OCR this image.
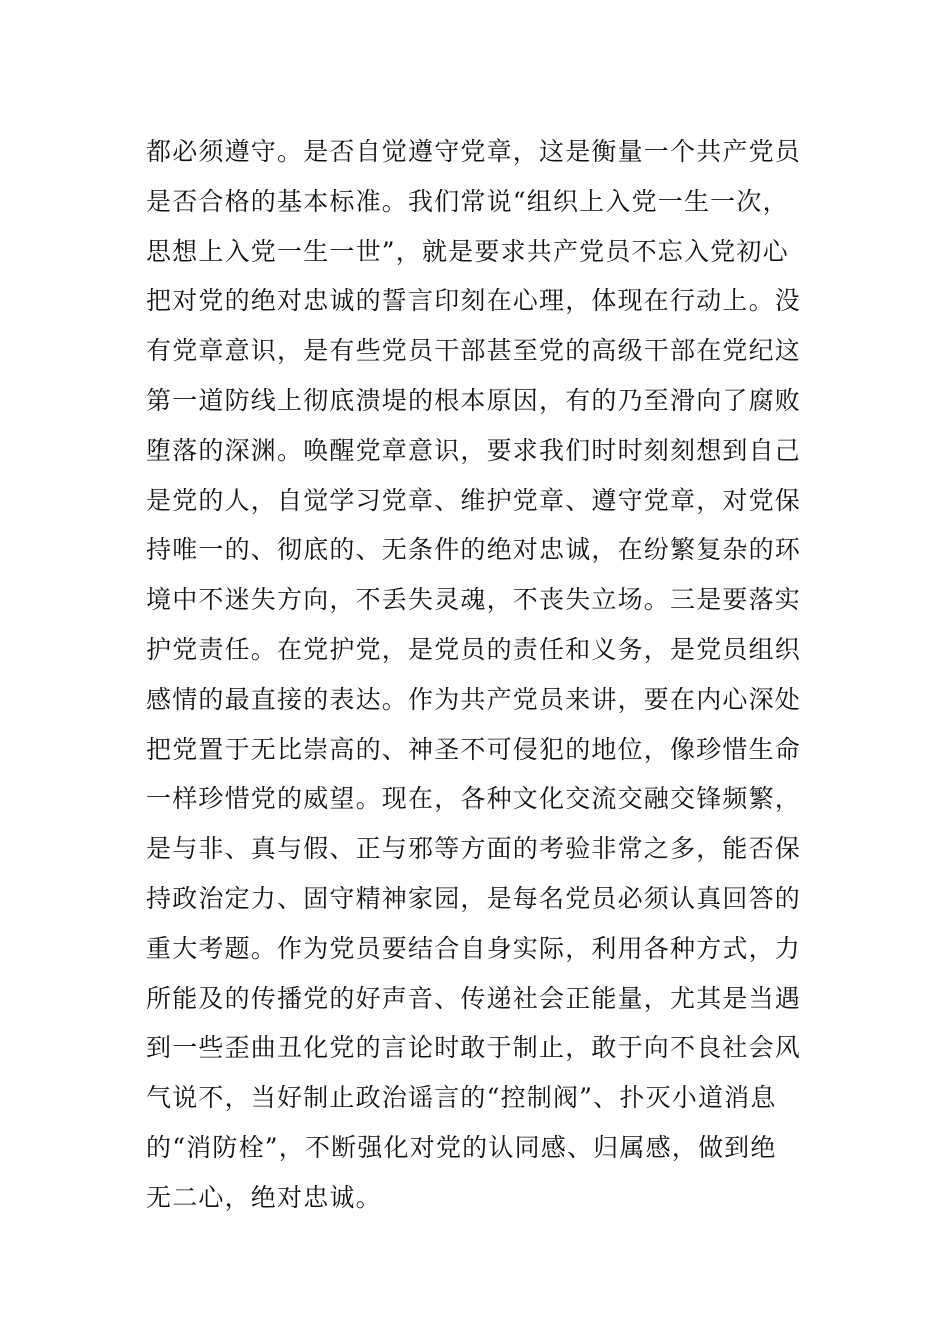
都必须遵守。是否自觉遵守党章，这是衡量一个共产党员
是否合格的基本标准。我们常说“组织上入党一生一次，
思想上入党一生一世”，就是要求共产党员不忘入党初心
把对党的绝对忠诚的誓言印刻在心理，体现在行动上。没
有党章意识，是有些党员干部甚至党的高级干部在党纪这
第一道防线上彻底溃堤的根本原因，有的乃至滑向了腐败
堕落的深渊。唤醒党章意识，要求我们时时刻刻想到自己
是党的人，自觉学习党章、维护党章、遵守党章，对党保
持唯一的、彻底的、无条件的绝对忠诚，在纷繁复杂的环
境中不迷失方向，不丢失灵魂，不丧失立场。三是要落实
护党责任。在党护党，是党员的责任和义务，是党员组织
感情的最直接的表达。作为共产党员来讲，要在内心深处
把党置于无比崇高的、神圣不可侵犯的地位，像珍惜生命
一样珍惜党的威望。现在，各种文化交流交融交锋频繁，
是与非、真与假、正与邪等方面的考验非常之多，能否保
持政治定力、固守精神家园，是每名党员必须认真回答的
重大考题。作为党员要结合自身实际，利用各种方式，力
所能及的传播党的好声音、传递社会正能量，尤其是当遇
到一些歪曲丑化党的言论时敢于制止，敢于向不良社会风
气说不，当好制止政治谣言的“控制阀”、扑灭小道消息
的“消防栓”，不断强化对党的认同感、归属感，做到绝
无二心，绝对忠诚。
